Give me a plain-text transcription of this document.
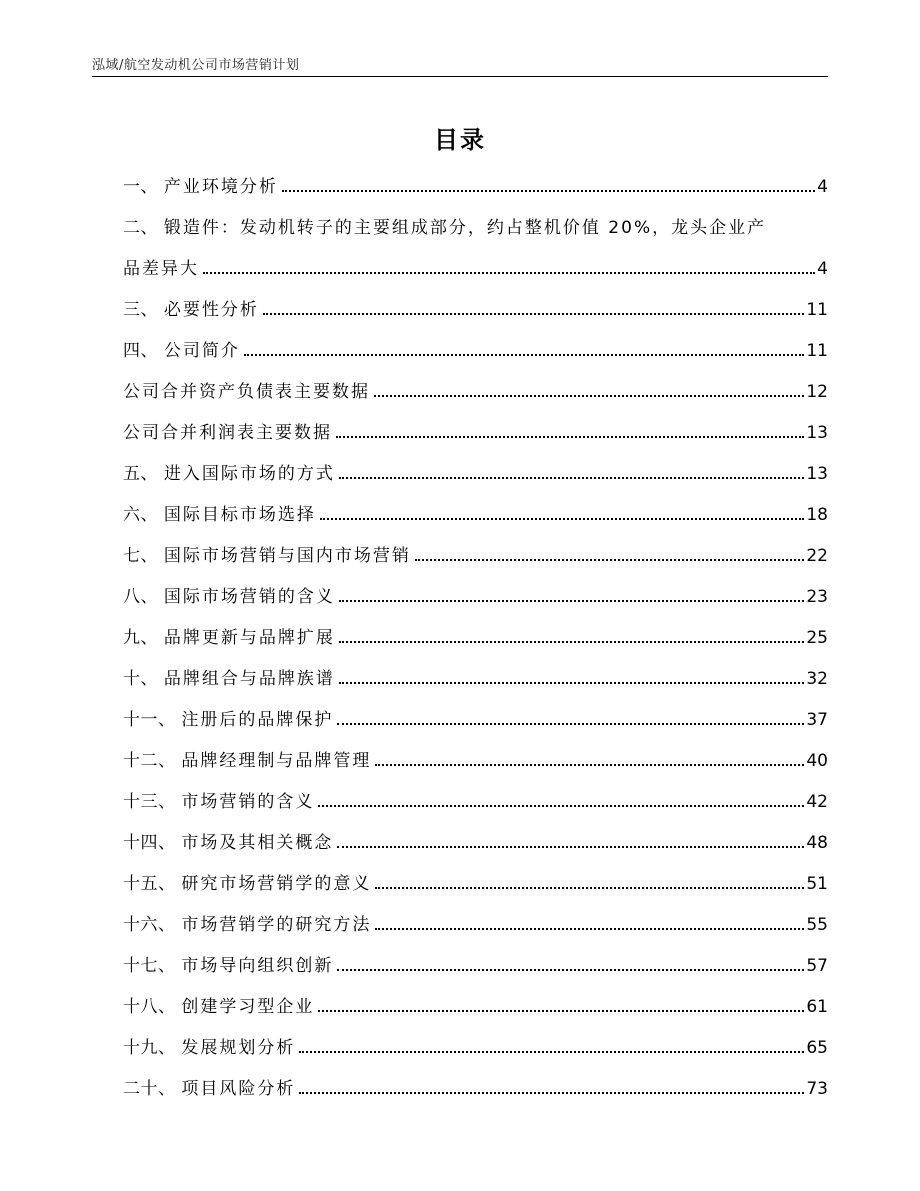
泓域/航空发动机公司市场营销计划
目录
一、 产业环境分析	4
二、 锻造件：发动机转子的主要组成部分，约占整机价值 20%，龙头企业产
品差异大	4
三、 必要性分析	11
四、 公司简介	11
公司合并资产负债表主要数据	12
公司合并利润表主要数据	13
五、 进入国际市场的方式	13
六、 国际目标市场选择	18
七、 国际市场营销与国内市场营销	22
八、 国际市场营销的含义	23
九、 品牌更新与品牌扩展	25
十、 品牌组合与品牌族谱	32
十一、 注册后的品牌保护	37
十二、 品牌经理制与品牌管理	40
十三、 市场营销的含义	42
十四、 市场及其相关概念	48
十五、 研究市场营销学的意义	51
十六、 市场营销学的研究方法	55
十七、 市场导向组织创新	57
十八、 创建学习型企业	61
十九、 发展规划分析	65
二十、 项目风险分析	73
